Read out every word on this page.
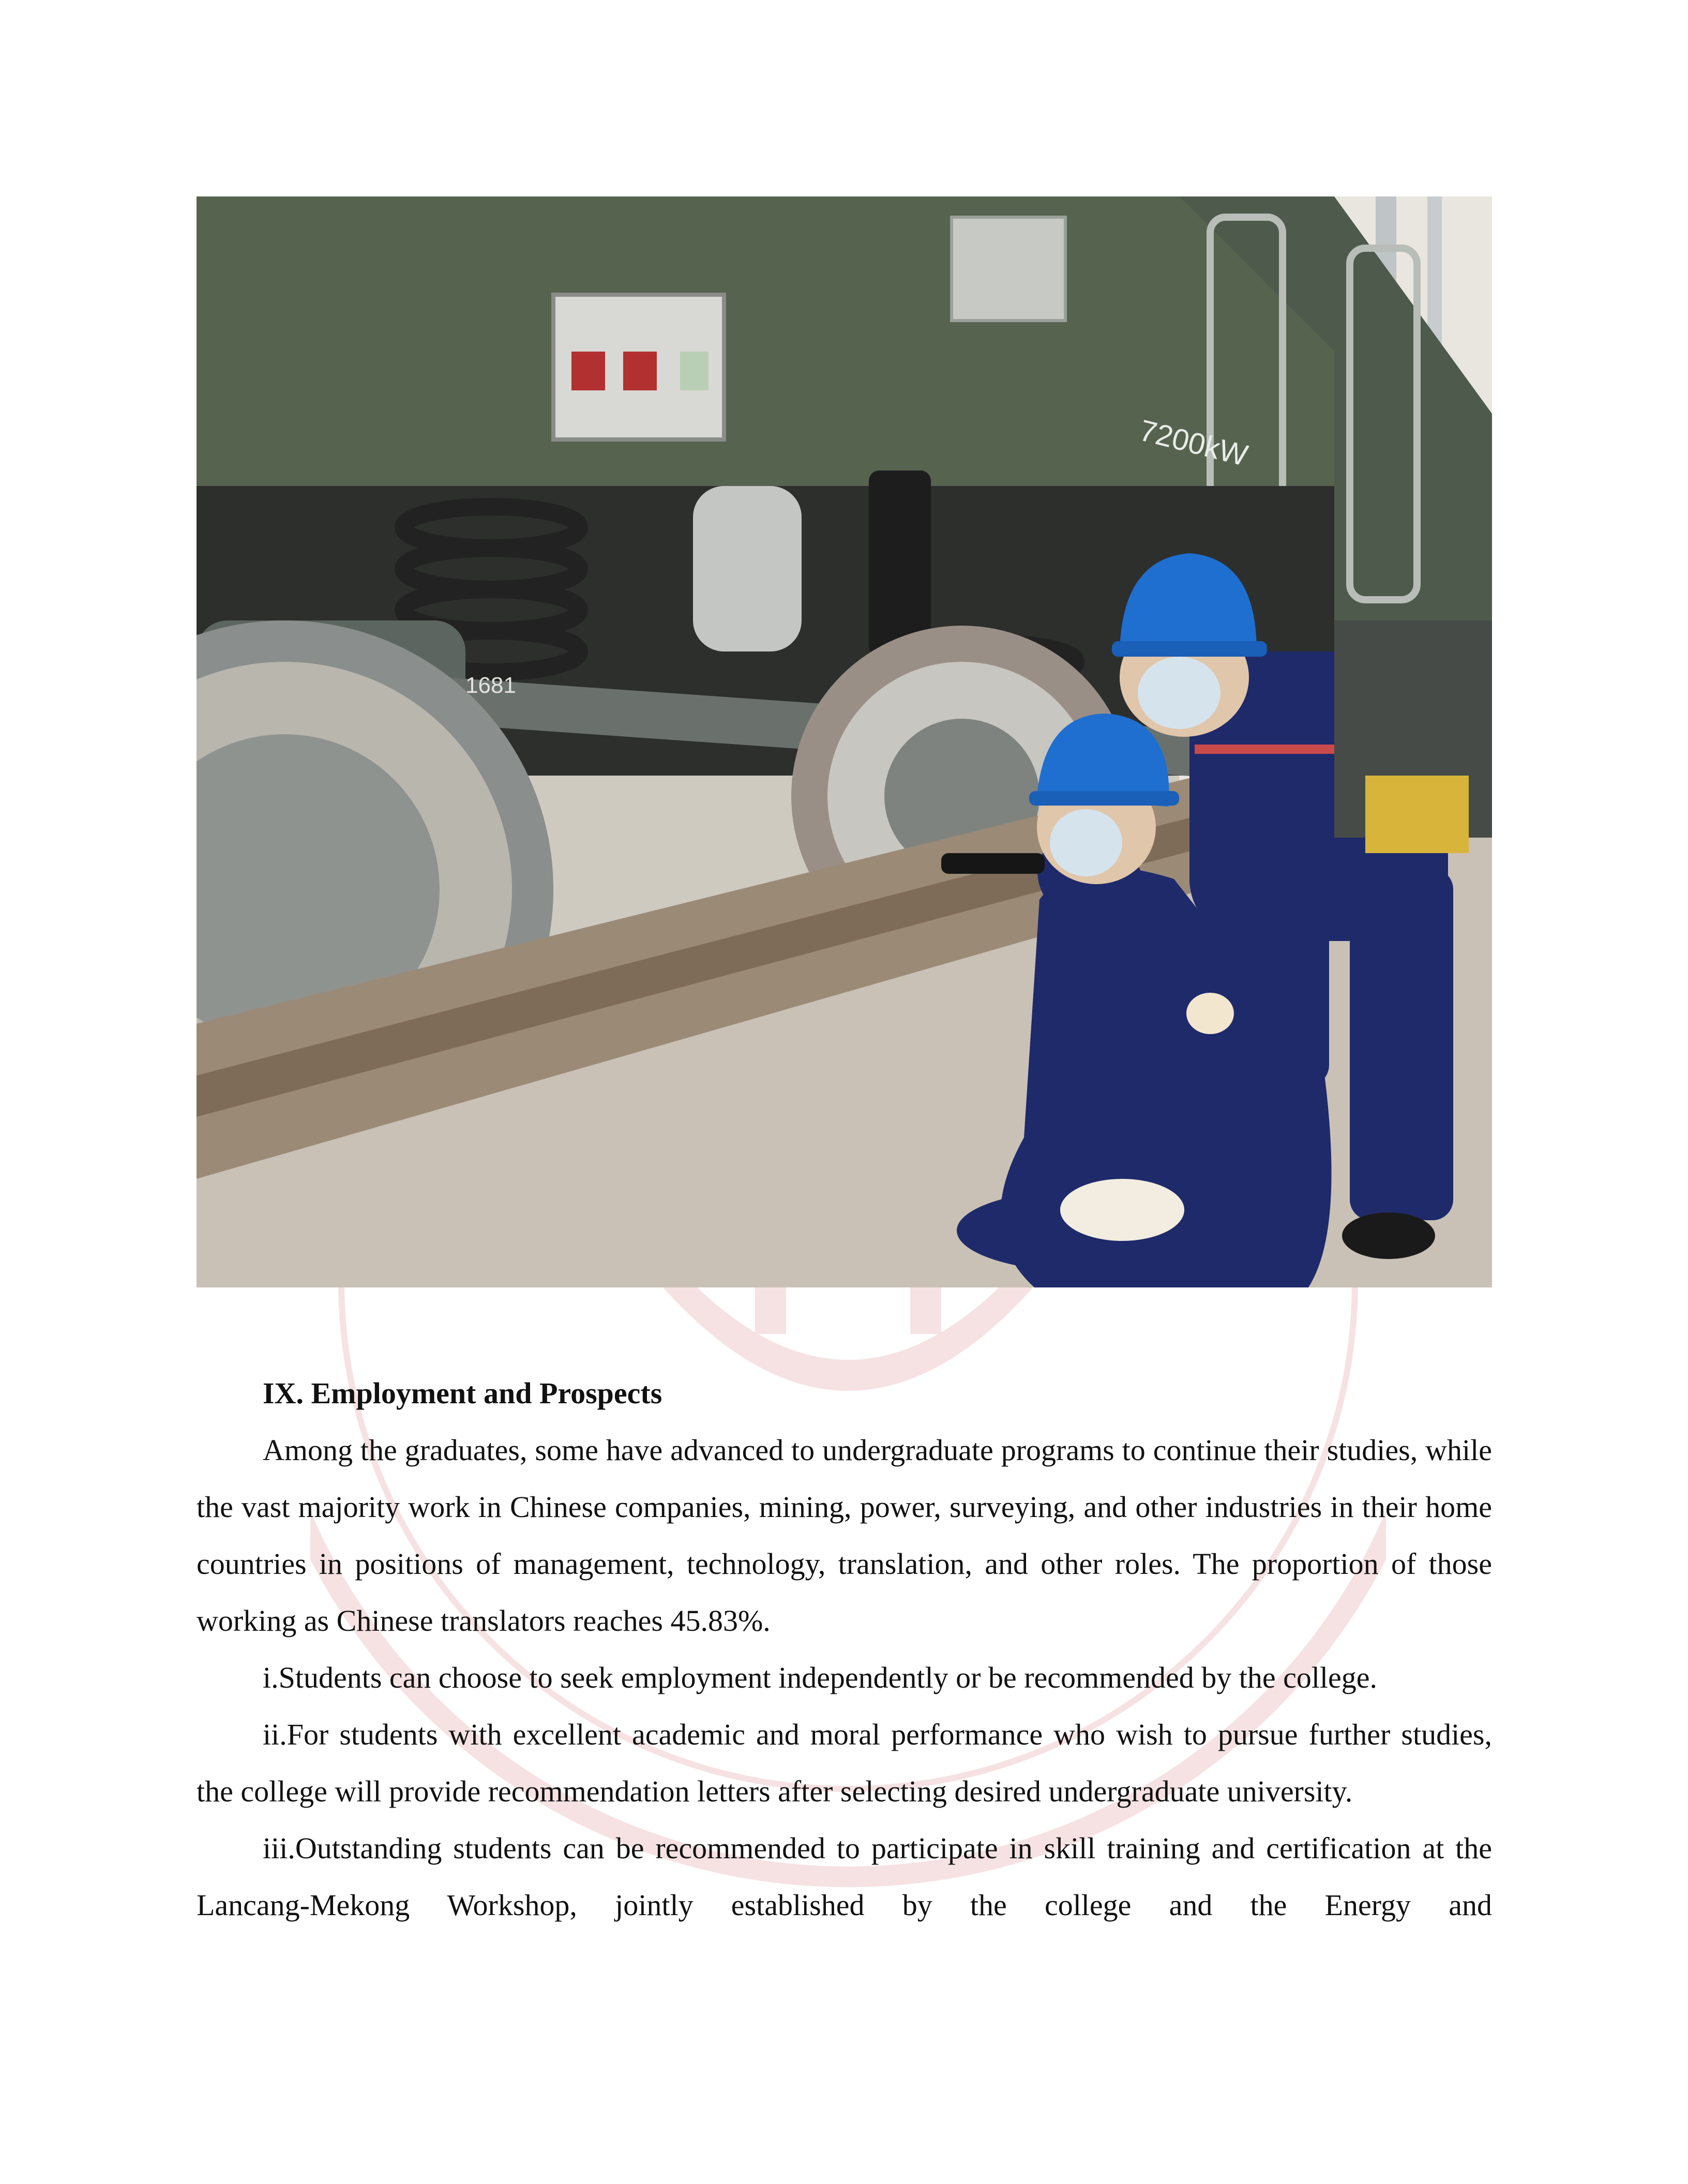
7200kW
1681

IX. Employment and Prospects

Among the graduates, some have advanced to undergraduate programs to continue their studies, while the vast majority work in Chinese companies, mining, power, surveying, and other industries in their home countries in positions of management, technology, translation, and other roles. The proportion of those working as Chinese translators reaches 45.83%.

i.Students can choose to seek employment independently or be recommended by the college.

ii.For students with excellent academic and moral performance who wish to pursue further studies, the college will provide recommendation letters after selecting desired undergraduate university.

iii.Outstanding students can be recommended to participate in skill training and certification at the Lancang-Mekong Workshop, jointly established by the college and the Energy and
